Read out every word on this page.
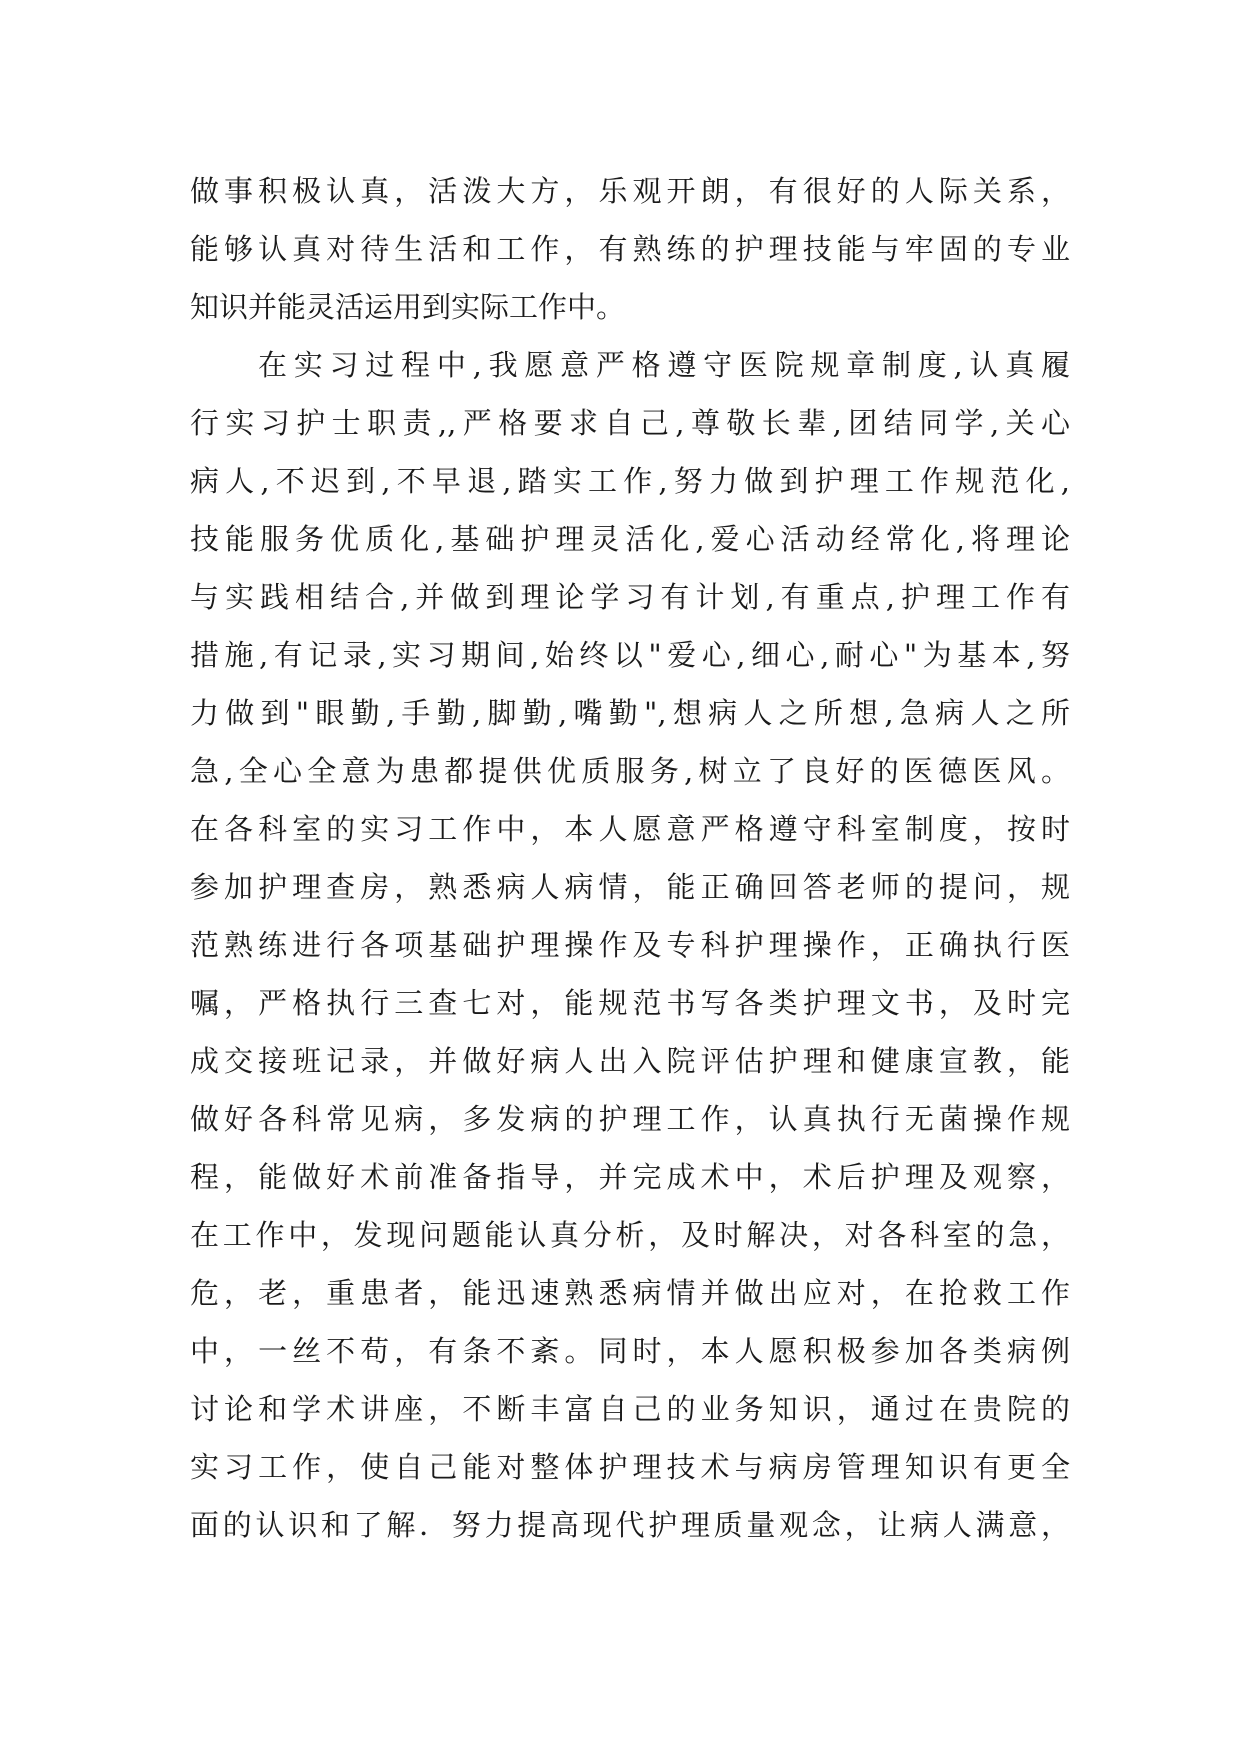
做事积极认真，活泼大方，乐观开朗，有很好的人际关系，
能够认真对待生活和工作，有熟练的护理技能与牢固的专业
知识并能灵活运用到实际工作中。
在实习过程中,我愿意严格遵守医院规章制度,认真履
行实习护士职责,,严格要求自己,尊敬长辈,团结同学,关心
病人,不迟到,不早退,踏实工作,努力做到护理工作规范化,
技能服务优质化,基础护理灵活化,爱心活动经常化,将理论
与实践相结合,并做到理论学习有计划,有重点,护理工作有
措施,有记录,实习期间,始终以"爱心,细心,耐心"为基本,努
力做到"眼勤,手勤,脚勤,嘴勤",想病人之所想,急病人之所
急,全心全意为患都提供优质服务,树立了良好的医德医风。
在各科室的实习工作中，本人愿意严格遵守科室制度，按时
参加护理查房，熟悉病人病情，能正确回答老师的提问，规
范熟练进行各项基础护理操作及专科护理操作，正确执行医
嘱，严格执行三查七对，能规范书写各类护理文书，及时完
成交接班记录，并做好病人出入院评估护理和健康宣教，能
做好各科常见病，多发病的护理工作，认真执行无菌操作规
程，能做好术前准备指导，并完成术中，术后护理及观察，
在工作中，发现问题能认真分析，及时解决，对各科室的急，
危，老，重患者，能迅速熟悉病情并做出应对，在抢救工作
中，一丝不苟，有条不紊。同时，本人愿积极参加各类病例
讨论和学术讲座，不断丰富自己的业务知识，通过在贵院的
实习工作，使自己能对整体护理技术与病房管理知识有更全
面的认识和了解．努力提高现代护理质量观念，让病人满意，
